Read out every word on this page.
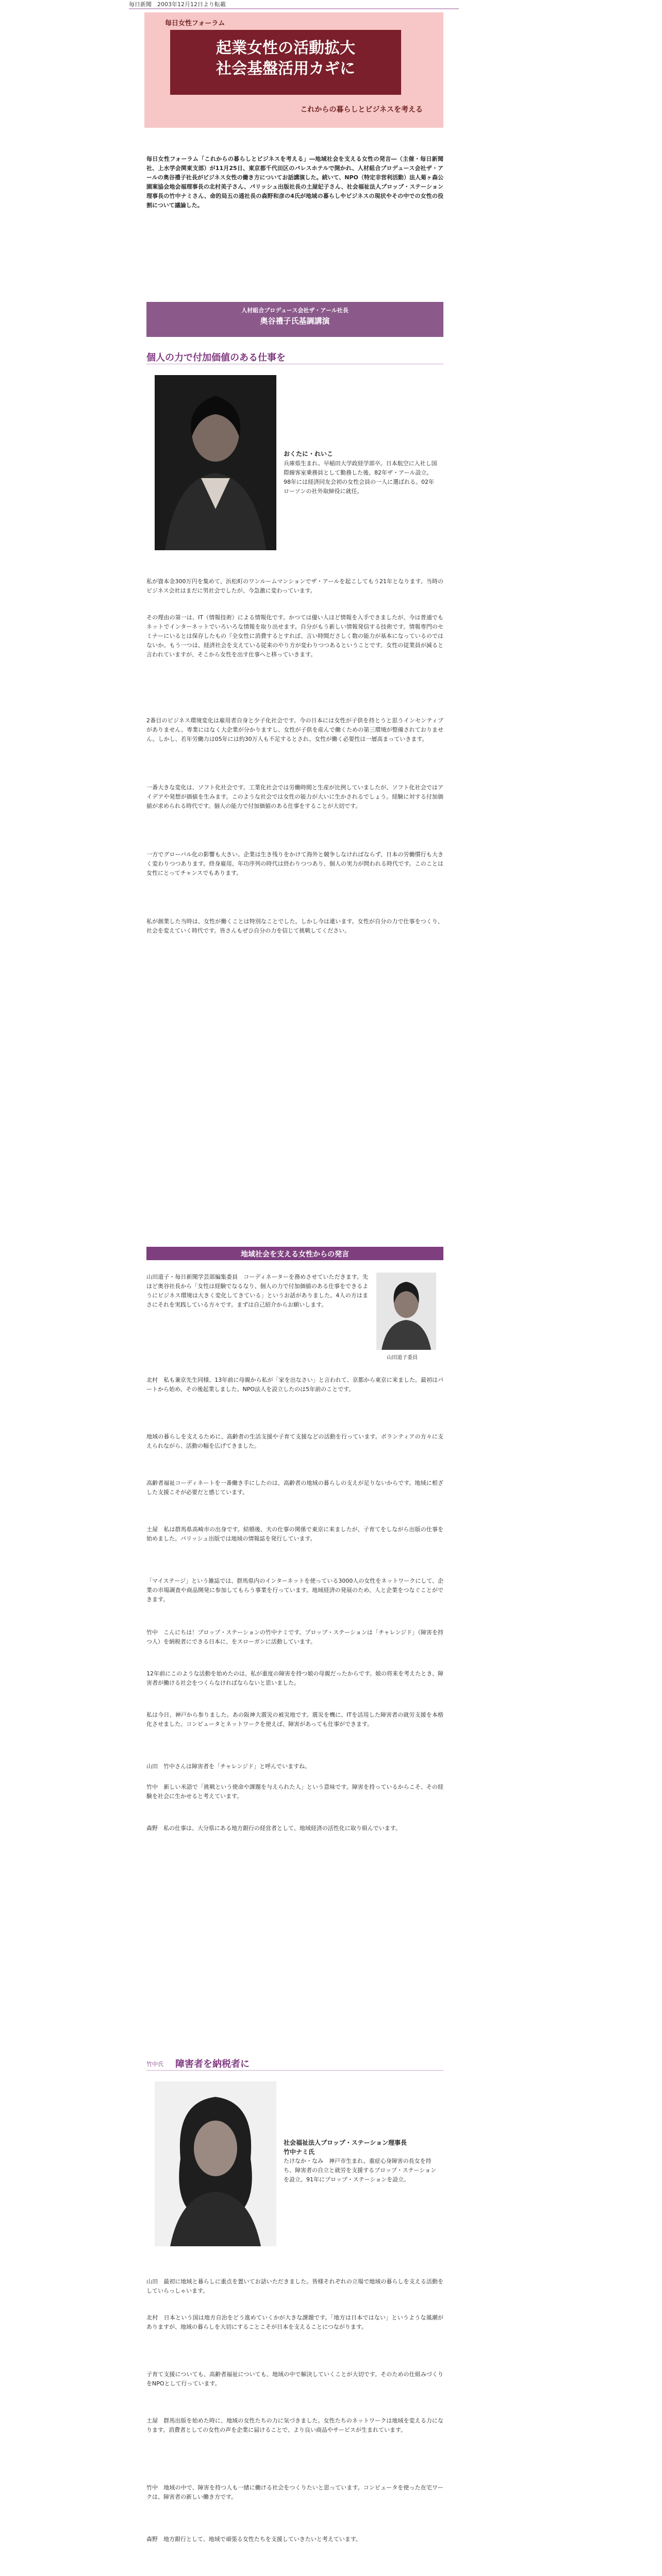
毎日新聞　2003年12月12日より転載
毎日女性フォーラム
起業女性の活動拡大
社会基盤活用カギに
これからの暮らしとビジネスを考える
毎日女性フォーラム「これからの暮らしとビジネスを考える」―地域社会を支える女性の発言―（主催・毎日新聞社、上水学会関東支部）が11月25日、東京都千代田区のパレスホテルで開かれ、人材組合プロデュース会社ザ・アールの奥谷禮子社長がビジネス女性の働き方についてお話講演した。続いて、NPO（特定非営利活動）法人菊ヶ森公園案協会地会福理事長の北村美子さん、パリッシュ出版社長の土屋妃子さん、社会福祉法人プロップ・ステーション理事長の竹中ナミさん、命的局五の通社長の森野和彦の4氏が地域の暮らしやビジネスの現状やその中での女性の役割について議論した。
人材組合プロデュース会社ザ・アール社長
奥谷禮子氏基調講演
個人の力で付加価値のある仕事を
おくたに・れいこ
兵庫県生まれ。早稲田大学政経学部卒。日本航空に入社し国際線客室乗務員として勤務した後、82年ザ・アール設立。98年には経済同友会初の女性会員の一人に選ばれる。02年ローソンの社外取締役に就任。
私が資本金300万円を集めて、浜松町のワンルームマンションでザ・アールを起こしてもう21年となります。当時のビジネス会社はまだに男社会でしたが、今急激に変わっています。
その理由の第一は、IT（情報技術）による情報化です。かつては優い人ほど情報を入手できましたが、今は普通でもネットでインターネットでいろいろな情報を取り出せます。自分がもう新しい情報発信する技術です。情報専門のセミナーにいるとは保存したもの『全女性に消費するとすれば、言い時間ださしく数の能力が基本になっているのではないか。もう一つは、経済社会を支えている従来のやり方が変わりつつあるということです。女性の従業員が減ると言われていますが、そこから女性を出す仕事へと移っていきます。
2番目のビジネス環境変化は雇用者自身と少子化社会です。今の日本には女性が子供を持とうと思うインセンティブがありません。専業にはなく大企業が分かりますし、女性が子供を産んで働くための第三環境が整備されておりません。しかし、若年労働力は05年には約30万人も不足するとされ、女性が働く必要性は一層高まっていきます。
一番大きな変化は、ソフト化社会です。工業化社会では労働時間と生産が比例していましたが、ソフト化社会ではアイデアや発想が価値を生みます。このような社会では女性の能力が大いに生かされるでしょう。経験に対する付加価値が求められる時代です。個人の能力で付加価値のある仕事をすることが大切です。
一方でグローバル化の影響も大きい。企業は生き残りをかけて海外と競争しなければならず、日本の労働慣行も大きく変わりつつあります。終身雇用、年功序列の時代は終わりつつあり、個人の実力が問われる時代です。このことは女性にとってチャンスでもあります。
私が創業した当時は、女性が働くことは特別なことでした。しかし今は違います。女性が自分の力で仕事をつくり、社会を変えていく時代です。皆さんもぜひ自分の力を信じて挑戦してください。
地域社会を支える女性からの発言
山田道子・毎日新聞学芸部編集委員　コーディネーターを務めさせていただきます。先ほど奥谷社長から「女性は経験でなるなり、個人の力で付加価値のある仕事をできるようにビジネス環境は大きく変化してきている」というお話がありました。4人の方はまさにそれを実践している方々です。まずは自己紹介からお願いします。
山田道子委員
北村　私も兼京先生同様、13年前に母親から私が「家を出なさい」と言われて、京都から東京に来ました。最初はパートから始め、その後起業しました。NPO法人を設立したのは5年前のことです。
地域の暮らしを支えるために、高齢者の生活支援や子育て支援などの活動を行っています。ボランティアの方々に支えられながら、活動の幅を広げてきました。
高齢者福祉コーディネートを一番働き手にしたのは、高齢者の地域の暮らしの支えが足りないからです。地域に根ざした支援こそが必要だと感じています。
土屋　私は群馬県高崎市の出身です。結婚後、夫の仕事の関係で東京に来ましたが、子育てをしながら出版の仕事を始めました。パリッシュ出版では地域の情報誌を発行しています。
「マイステージ」という雑誌では、群馬県内のインターネットを使っている3000人の女性をネットワークにして、企業の市場調査や商品開発に参加してもらう事業を行っています。地域経済の発展のため、人と企業をつなぐことができます。
竹中　こんにちは！プロップ・ステーションの竹中ナミです。プロップ・ステーションは「チャレンジド」（障害を持つ人）を納税者にできる日本に、をスローガンに活動しています。
12年前にこのような活動を始めたのは、私が重度の障害を持つ娘の母親だったからです。娘の将来を考えたとき、障害者が働ける社会をつくらなければならないと思いました。
私は今日、神戸から参りました。あの阪神大震災の被災地です。震災を機に、ITを活用した障害者の就労支援を本格化させました。コンピュータとネットワークを使えば、障害があっても仕事ができます。
山田　竹中さんは障害者を「チャレンジド」と呼んでいますね。
竹中　新しい米語で「挑戦という使命や課題を与えられた人」という意味です。障害を持っているからこそ、その経験を社会に生かせると考えています。
森野　私の仕事は、大分県にある地方銀行の経営者として、地域経済の活性化に取り組んでいます。
竹中氏 障害者を納税者に
社会福祉法人プロップ・ステーション理事長
竹中ナミ氏
たけなか・なみ　神戸市生まれ。重症心身障害の長女を持ち、障害者の自立と就労を支援するプロップ・ステーションを設立。91年にプロップ・ステーションを設立。
山田　最初に地域と暮らしに重点を置いてお話いただきました。皆様それぞれの立場で地域の暮らしを支える活動をしていらっしゃいます。
北村　日本という国は地方自治をどう進めていくかが大きな課題です。「地方は日本ではない」というような風潮がありますが、地域の暮らしを大切にすることこそが日本を支えることにつながります。
子育て支援についても、高齢者福祉についても、地域の中で解決していくことが大切です。そのための仕組みづくりをNPOとして行っています。
土屋　群馬出版を始めた時に、地域の女性たちの力に気づきました。女性たちのネットワークは地域を変える力になります。消費者としての女性の声を企業に届けることで、より良い商品やサービスが生まれています。
竹中　地域の中で、障害を持つ人も一緒に働ける社会をつくりたいと思っています。コンピュータを使った在宅ワークは、障害者の新しい働き方です。
森野　地方銀行として、地域で頑張る女性たちを支援していきたいと考えています。
